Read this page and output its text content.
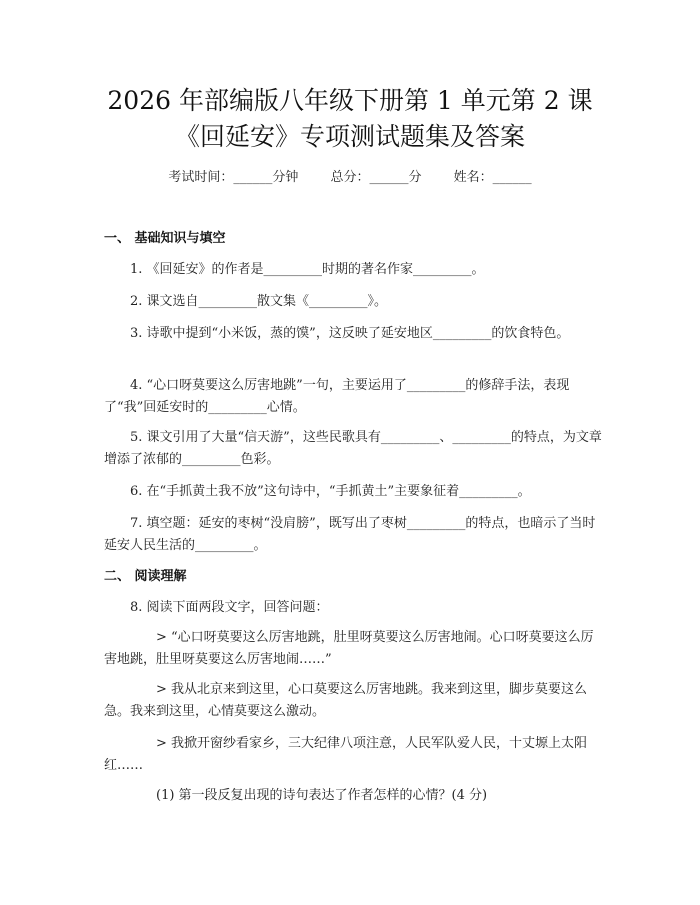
2026 年部编版八年级下册第 1 单元第 2 课
《回延安》专项测试题集及答案
考试时间：______分钟 总分：______分 姓名：______
一、 基础知识与填空
1. 《回延安》的作者是_________时期的著名作家_________。
2. 课文选自_________散文集《_________》。
3. 诗歌中提到“小米饭，蒸的馍”，这反映了延安地区_________的饮食特色。
4. “心口呀莫要这么厉害地跳”一句，主要运用了_________的修辞手法，表现了“我”回延安时的_________心情。
5. 课文引用了大量“信天游”，这些民歌具有_________、_________的特点，为文章增添了浓郁的_________色彩。
6. 在“手抓黄土我不放”这句诗中，“手抓黄土”主要象征着_________。
7. 填空题：延安的枣树“没肩膀”，既写出了枣树_________的特点，也暗示了当时延安人民生活的_________。
二、 阅读理解
8. 阅读下面两段文字，回答问题：
> “心口呀莫要这么厉害地跳，肚里呀莫要这么厉害地闹。心口呀莫要这么厉害地跳，肚里呀莫要这么厉害地闹……”
> 我从北京来到这里，心口莫要这么厉害地跳。我来到这里，脚步莫要这么急。我来到这里，心情莫要这么激动。
> 我掀开窗纱看家乡，三大纪律八项注意，人民军队爱人民，十丈塬上太阳红……
(1) 第一段反复出现的诗句表达了作者怎样的心情？(4 分)
